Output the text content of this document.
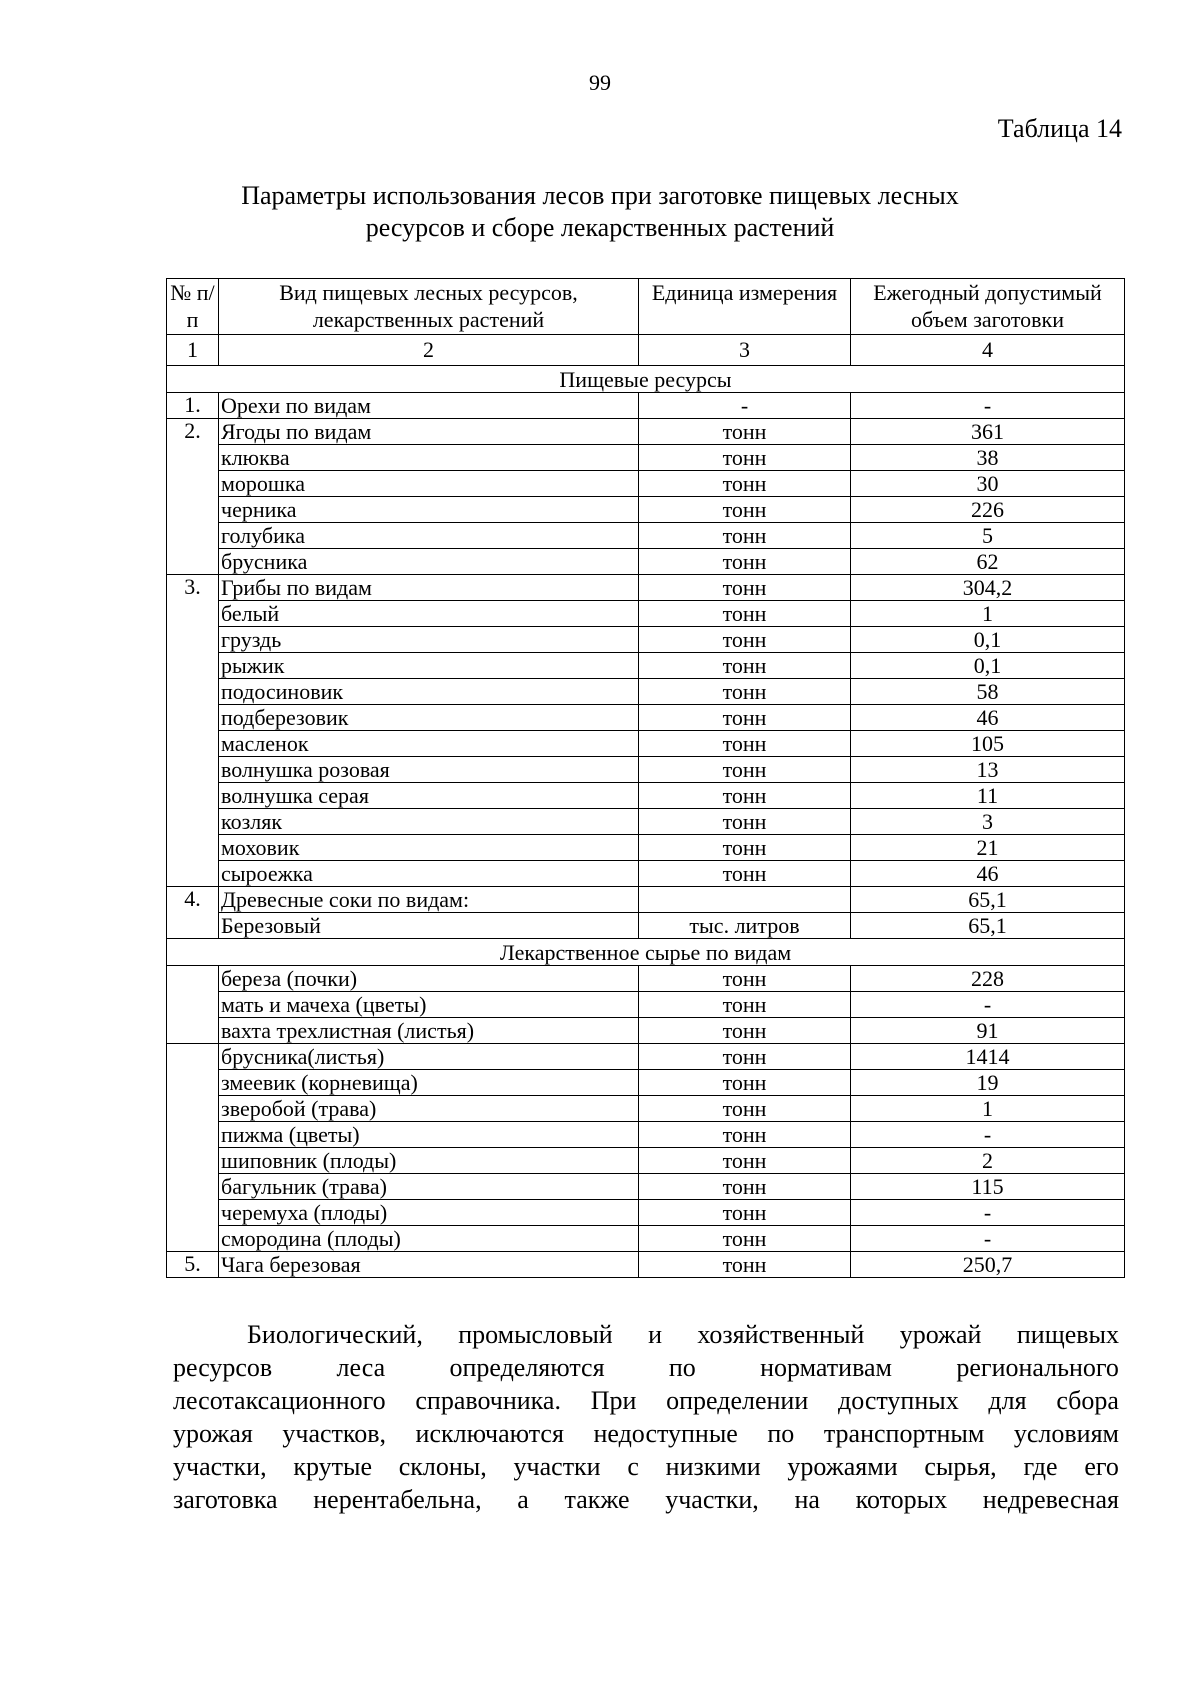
99
Таблица 14
Параметры использования лесов при заготовке пищевых лесных
ресурсов и сборе лекарственных растений
№ п/п	Вид пищевых лесных ресурсов, лекарственных растений	Единица измерения	Ежегодный допустимый объем заготовки
1	2	3	4
Пищевые ресурсы			
1.	Орехи по видам	-	-
2.	Ягоды по видам	тонн	361
	клюква	тонн	38
	морошка	тонн	30
	черника	тонн	226
	голубика	тонн	5
	брусника	тонн	62
3.	Грибы по видам	тонн	304,2
	белый	тонн	1
	груздь	тонн	0,1
	рыжик	тонн	0,1
	подосиновик	тонн	58
	подберезовик	тонн	46
	масленок	тонн	105
	волнушка розовая	тонн	13
	волнушка серая	тонн	11
	козляк	тонн	3
	моховик	тонн	21
	сыроежка	тонн	46
4.	Древесные соки по видам:		65,1
	Березовый	тыс. литров	65,1
Лекарственное сырье по видам			
	береза (почки)	тонн	228
	мать и мачеха (цветы)	тонн	-
	вахта трехлистная (листья)	тонн	91
	брусника(листья)	тонн	1414
	змеевик (корневища)	тонн	19
	зверобой (трава)	тонн	1
	пижма (цветы)	тонн	-
	шиповник (плоды)	тонн	2
	багульник (трава)	тонн	115
	черемуха (плоды)	тонн	-
	смородина (плоды)	тонн	-
5.	Чага березовая	тонн	250,7
Биологический, промысловый и хозяйственный урожай пищевых
ресурсов леса определяются по нормативам регионального
лесотаксационного справочника. При определении доступных для сбора
урожая участков, исключаются недоступные по транспортным условиям
участки, крутые склоны, участки с низкими урожаями сырья, где его
заготовка нерентабельна, а также участки, на которых недревесная
